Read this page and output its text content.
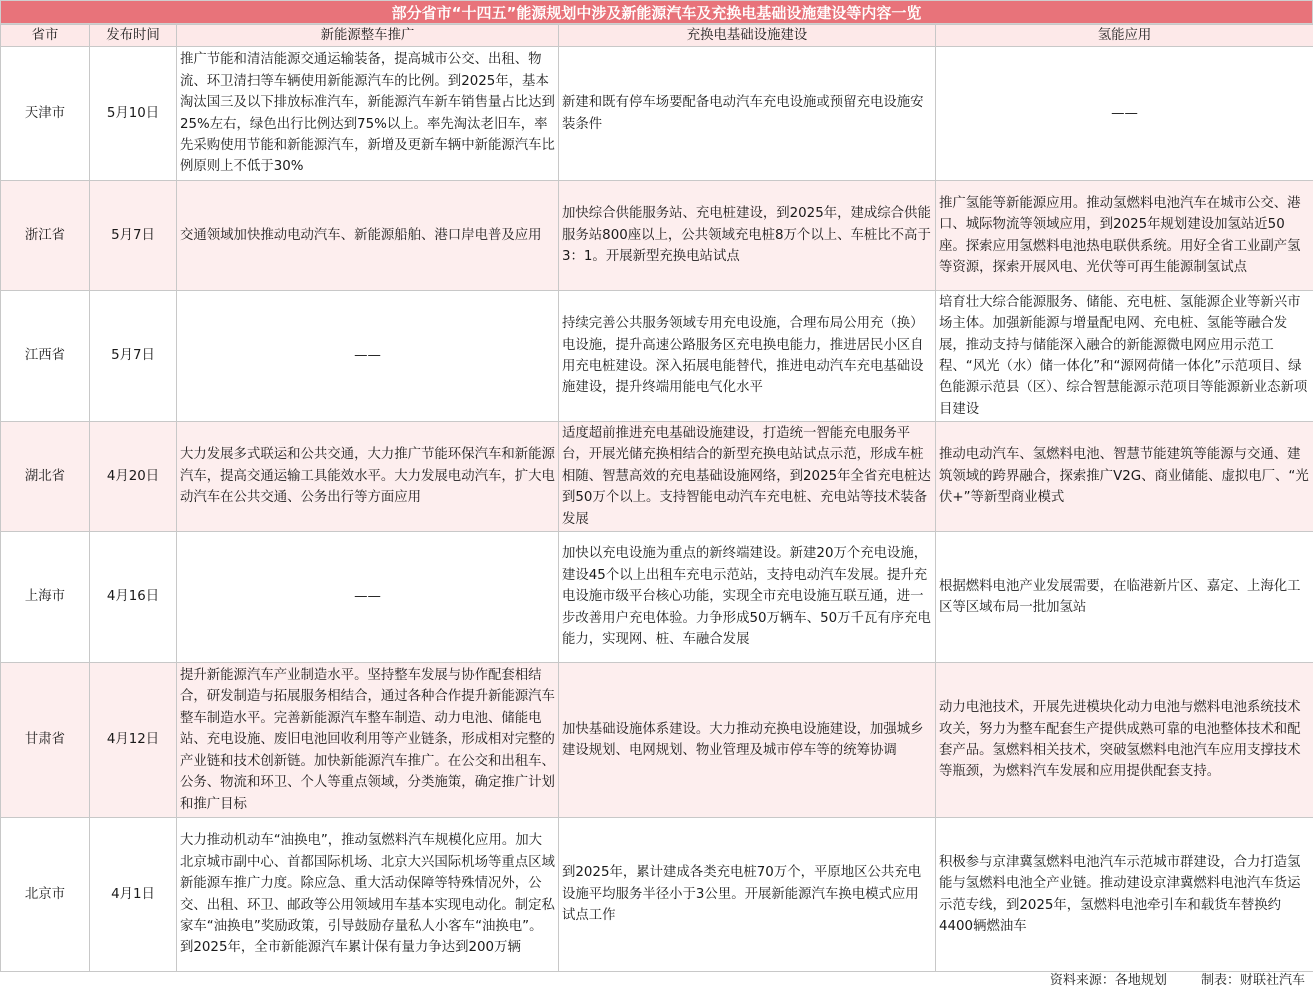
部分省市“十四五”能源规划中涉及新能源汽车及充换电基础设施建设等内容一览
省市	发布时间	新能源整车推广	充换电基础设施建设	氢能应用
天津市	5月10日	推广节能和清洁能源交通运输装备，提高城市公交、出租、物流、环卫清扫等车辆使用新能源汽车的比例。到2025年，基本淘汰国三及以下排放标准汽车，新能源汽车新车销售量占比达到25%左右，绿色出行比例达到75%以上。率先淘汰老旧车，率先采购使用节能和新能源汽车，新增及更新车辆中新能源汽车比例原则上不低于30%	新建和既有停车场要配备电动汽车充电设施或预留充电设施安装条件	——
浙江省	5月7日	交通领域加快推动电动汽车、新能源船舶、港口岸电普及应用	加快综合供能服务站、充电桩建设，到2025年，建成综合供能服务站800座以上，公共领域充电桩8万个以上、车桩比不高于3：1。开展新型充换电站试点	推广氢能等新能源应用。推动氢燃料电池汽车在城市公交、港口、城际物流等领域应用，到2025年规划建设加氢站近50座。探索应用氢燃料电池热电联供系统。用好全省工业副产氢等资源，探索开展风电、光伏等可再生能源制氢试点
江西省	5月7日	——	持续完善公共服务领域专用充电设施，合理布局公用充（换）电设施，提升高速公路服务区充电换电能力，推进居民小区自用充电桩建设。深入拓展电能替代，推进电动汽车充电基础设施建设，提升终端用能电气化水平	培育壮大综合能源服务、储能、充电桩、氢能源企业等新兴市场主体。加强新能源与增量配电网、充电桩、氢能等融合发展，推动支持与储能深入融合的新能源微电网应用示范工程、“风光（水）储一体化”和“源网荷储一体化”示范项目、绿色能源示范县（区）、综合智慧能源示范项目等能源新业态新项目建设
湖北省	4月20日	大力发展多式联运和公共交通，大力推广节能环保汽车和新能源汽车，提高交通运输工具能效水平。大力发展电动汽车，扩大电动汽车在公共交通、公务出行等方面应用	适度超前推进充电基础设施建设，打造统一智能充电服务平台，开展光储充换相结合的新型充换电站试点示范，形成车桩相随、智慧高效的充电基础设施网络，到2025年全省充电桩达到50万个以上。支持智能电动汽车充电桩、充电站等技术装备发展	推动电动汽车、氢燃料电池、智慧节能建筑等能源与交通、建筑领域的跨界融合，探索推广V2G、商业储能、虚拟电厂、“光伏+”等新型商业模式
上海市	4月16日	——	加快以充电设施为重点的新终端建设。新建20万个充电设施，建设45个以上出租车充电示范站，支持电动汽车发展。提升充电设施市级平台核心功能，实现全市充电设施互联互通，进一步改善用户充电体验。力争形成50万辆车、50万千瓦有序充电能力，实现网、桩、车融合发展	根据燃料电池产业发展需要，在临港新片区、嘉定、上海化工区等区域布局一批加氢站
甘肃省	4月12日	提升新能源汽车产业制造水平。坚持整车发展与协作配套相结合，研发制造与拓展服务相结合，通过各种合作提升新能源汽车整车制造水平。完善新能源汽车整车制造、动力电池、储能电站、充电设施、废旧电池回收利用等产业链条，形成相对完整的产业链和技术创新链。加快新能源汽车推广。在公交和出租车、公务、物流和环卫、个人等重点领域，分类施策，确定推广计划和推广目标	加快基础设施体系建设。大力推动充换电设施建设，加强城乡建设规划、电网规划、物业管理及城市停车等的统筹协调	动力电池技术，开展先进模块化动力电池与燃料电池系统技术攻关，努力为整车配套生产提供成熟可靠的电池整体技术和配套产品。氢燃料相关技术，突破氢燃料电池汽车应用支撑技术等瓶颈，为燃料汽车发展和应用提供配套支持。
北京市	4月1日	大力推动机动车“油换电”，推动氢燃料汽车规模化应用。加大北京城市副中心、首都国际机场、北京大兴国际机场等重点区域新能源车推广力度。除应急、重大活动保障等特殊情况外，公交、出租、环卫、邮政等公用领域用车基本实现电动化。制定私家车“油换电”奖励政策，引导鼓励存量私人小客车“油换电”。到2025年，全市新能源汽车累计保有量力争达到200万辆	到2025年，累计建成各类充电桩70万个，平原地区公共充电设施平均服务半径小于3公里。开展新能源汽车换电模式应用试点工作	积极参与京津冀氢燃料电池汽车示范城市群建设，合力打造氢能与氢燃料电池全产业链。推动建设京津冀燃料电池汽车货运示范专线，到2025年，氢燃料电池牵引车和载货车替换约4400辆燃油车
资料来源：各地规划	制表：财联社汽车
